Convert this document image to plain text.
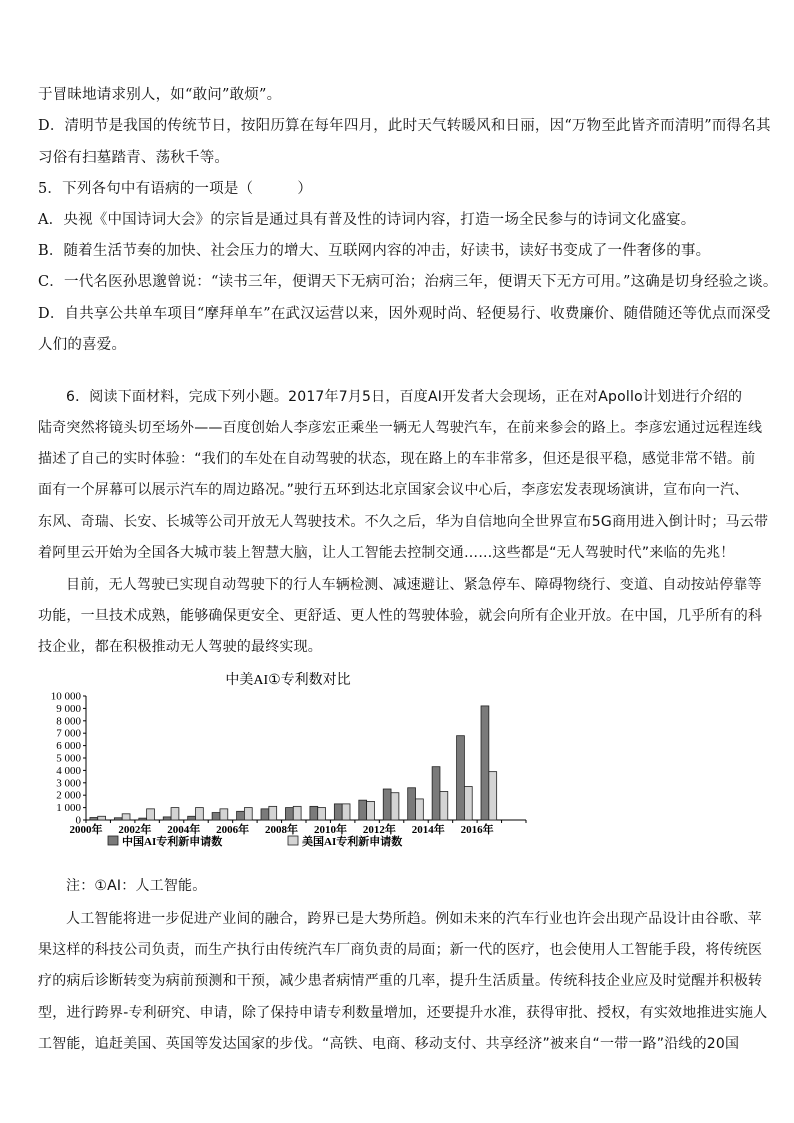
于冒昧地请求别人，如“敢问”敢烦”。
D．清明节是我国的传统节日，按阳历算在每年四月，此时天气转暖风和日丽，因“万物至此皆齐而清明”而得名其
习俗有扫墓踏青、荡秋千等。
5．下列各句中有语病的一项是（　　　）
A．央视《中国诗词大会》的宗旨是通过具有普及性的诗词内容，打造一场全民参与的诗词文化盛宴。
B．随着生活节奏的加快、社会压力的增大、互联网内容的冲击，好读书，读好书变成了一件奢侈的事。
C．一代名医孙思邈曾说：“读书三年，便谓天下无病可治；治病三年，便谓天下无方可用。”这确是切身经验之谈。
D．自共享公共单车项目“摩拜单车”在武汉运营以来，因外观时尚、轻便易行、收费廉价、随借随还等优点而深受
人们的喜爱。
6．阅读下面材料，完成下列小题。2017年7月5日，百度AI开发者大会现场，正在对Apollo计划进行介绍的
陆奇突然将镜头切至场外——百度创始人李彦宏正乘坐一辆无人驾驶汽车，在前来参会的路上。李彦宏通过远程连线
描述了自己的实时体验：“我们的车处在自动驾驶的状态，现在路上的车非常多，但还是很平稳，感觉非常不错。前
面有一个屏幕可以展示汽车的周边路况。”驶行五环到达北京国家会议中心后，李彦宏发表现场演讲，宣布向一汽、
东风、奇瑞、长安、长城等公司开放无人驾驶技术。不久之后，华为自信地向全世界宣布5G商用进入倒计时；马云带
着阿里云开始为全国各大城市装上智慧大脑，让人工智能去控制交通……这些都是“无人驾驶时代”来临的先兆！
目前，无人驾驶已实现自动驾驶下的行人车辆检测、减速避让、紧急停车、障碍物绕行、变道、自动按站停靠等
功能，一旦技术成熟，能够确保更安全、更舒适、更人性的驾驶体验，就会向所有企业开放。在中国，几乎所有的科
技企业，都在积极推动无人驾驶的最终实现。
中美AI①专利数对比
0
1 000
2 000
3 000
4 000
5 000
6 000
7 000
8 000
9 000
10 000
2000年 2002年 2004年 2006年 2008年 2010年 2012年 2014年 2016年
中国AI专利新申请数	美国AI专利新申请数
注：①AI：人工智能。
人工智能将进一步促进产业间的融合，跨界已是大势所趋。例如未来的汽车行业也许会出现产品设计由谷歌、苹
果这样的科技公司负责，而生产执行由传统汽车厂商负责的局面；新一代的医疗，也会使用人工智能手段，将传统医
疗的病后诊断转变为病前预测和干预，减少患者病情严重的几率，提升生活质量。传统科技企业应及时觉醒并积极转
型，进行跨界-专利研究、申请，除了保持申请专利数量增加，还要提升水准，获得审批、授权，有实效地推进实施人
工智能，追赶美国、英国等发达国家的步伐。“高铁、电商、移动支付、共享经济”被来自“一带一路”沿线的20国
